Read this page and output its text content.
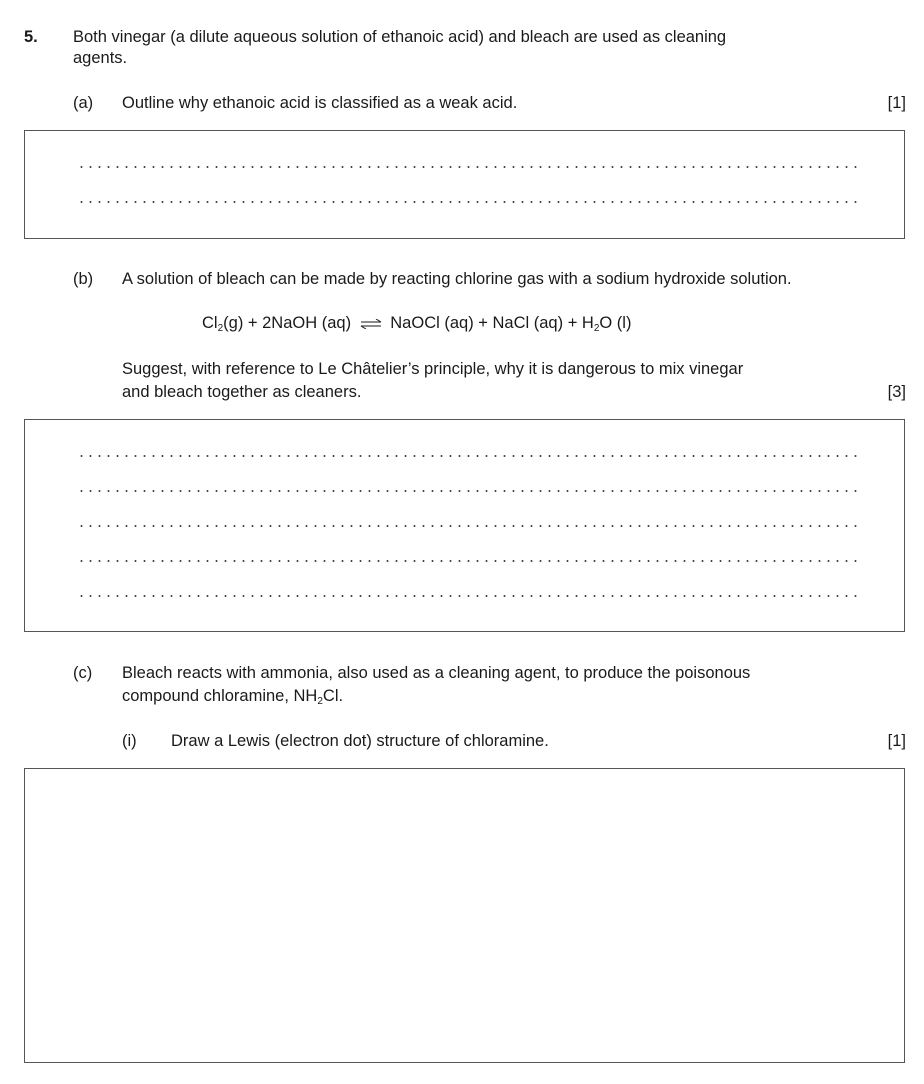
5. Both vinegar (a dilute aqueous solution of ethanoic acid) and bleach are used as cleaning
agents.
(a) Outline why ethanoic acid is classified as a weak acid.	[1]
(b) A solution of bleach can be made by reacting chlorine gas with a sodium hydroxide solution.
$Cl_2(g)$ + 2NaOH (aq) ⇌ NaOCl (aq) + NaCl $(aq) + H_2O$ (l)
Suggest, with reference to Le Châtelier’s principle, why it is dangerous to mix vinegar
and bleach together as cleaners.	[3]
(c) Bleach reacts with ammonia, also used as a cleaning agent, to produce the poisonous
compound chloramine, $NH_2Cl$.
(i) Draw a Lewis (electron dot) structure of chloramine.	[1]
